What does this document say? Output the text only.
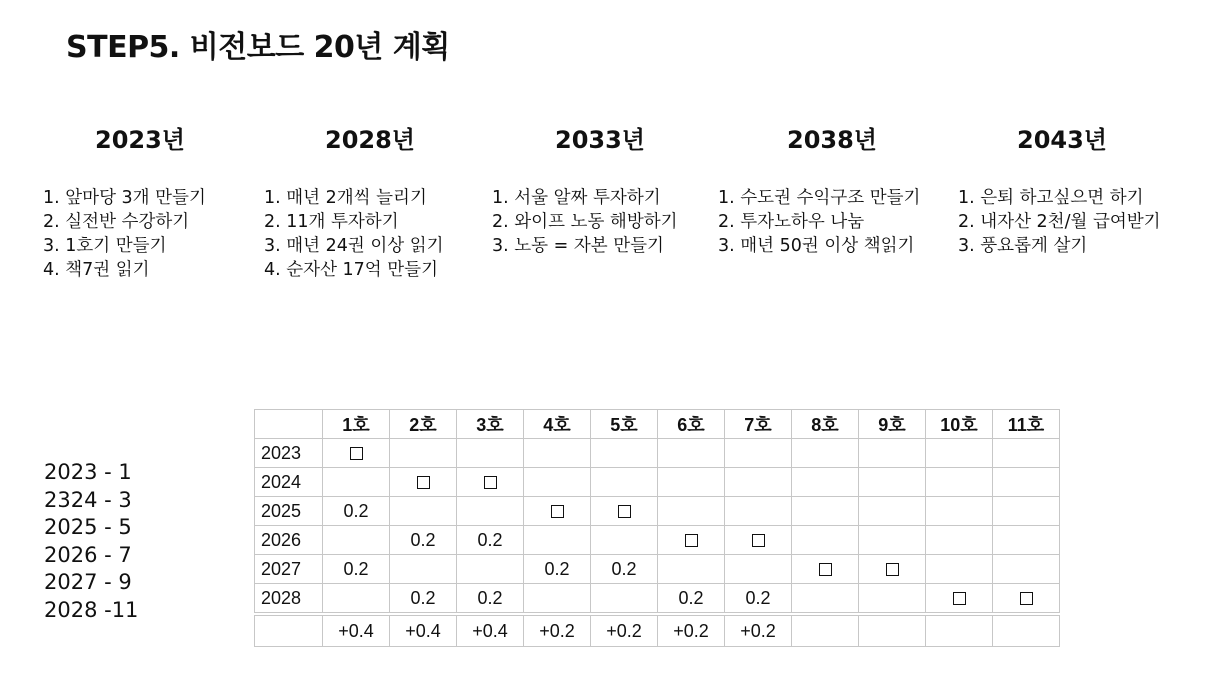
STEP5. 비전보드 20년 계획
2023년
1. 앞마당 3개 만들기
2. 실전반 수강하기
3. 1호기 만들기
4. 책7권 읽기
2028년
1. 매년 2개씩 늘리기
2. 11개 투자하기
3. 매년 24권 이상 읽기
4. 순자산 17억 만들기
2033년
1. 서울 알짜 투자하기
2. 와이프 노동 해방하기
3. 노동 = 자본 만들기
2038년
1. 수도권 수익구조 만들기
2. 투자노하우 나눔
3. 매년 50권 이상 책읽기
2043년
1. 은퇴 하고싶으면 하기
2. 내자산 2천/월 급여받기
3. 풍요롭게 살기
2023 - 1
2324 - 3
2025 - 5
2026 - 7
2027 - 9
2028 -11
	1호	2호	3호	4호	5호	6호	7호	8호	9호	10호	11호
2023											
2024											
2025	0.2										
2026		0.2	0.2								
2027	0.2			0.2	0.2						
2028		0.2	0.2			0.2	0.2				
	+0.4	+0.4	+0.4	+0.2	+0.2	+0.2	+0.2				
